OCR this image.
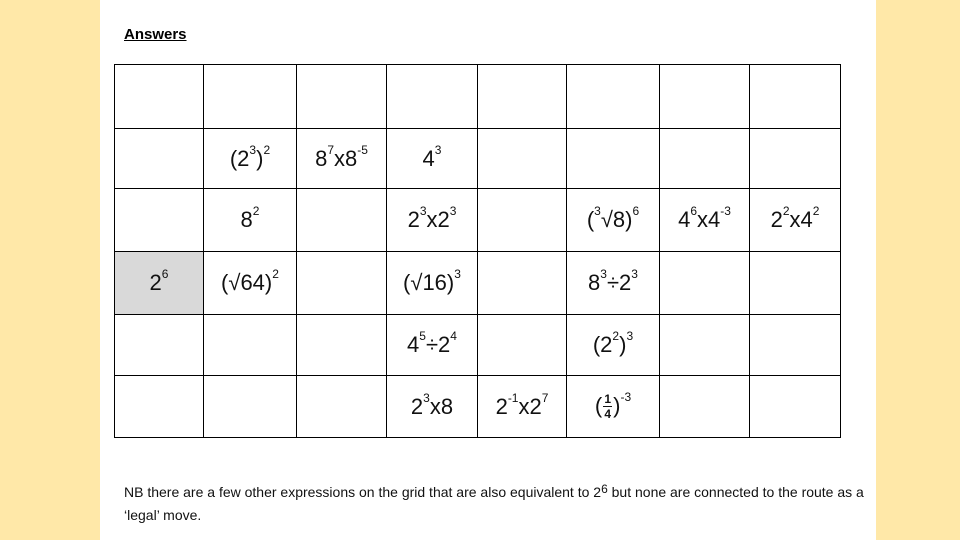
Answers

	$(2^3)^2$	$8^7x8^{-5}$	$4^3$				
	$8^2$		$2^3x2^3$		$(^3√8)^6$	$4^6x4^{-3}$	$2^2x4^2$
$2^6$	$(√64)^2$		$(√16)^3$		$8^3\div 2^3$		
			$4^5\div 2^4$		$(2^2)^3$		
			$2^3x8$	$2^{-1}x2^7$	( $\frac{1}{4} )^{-3}$		
NB there are a few other expressions on the grid that are also equivalent to $2^6$ but none are connected to the route as a ‘legal’ move.
